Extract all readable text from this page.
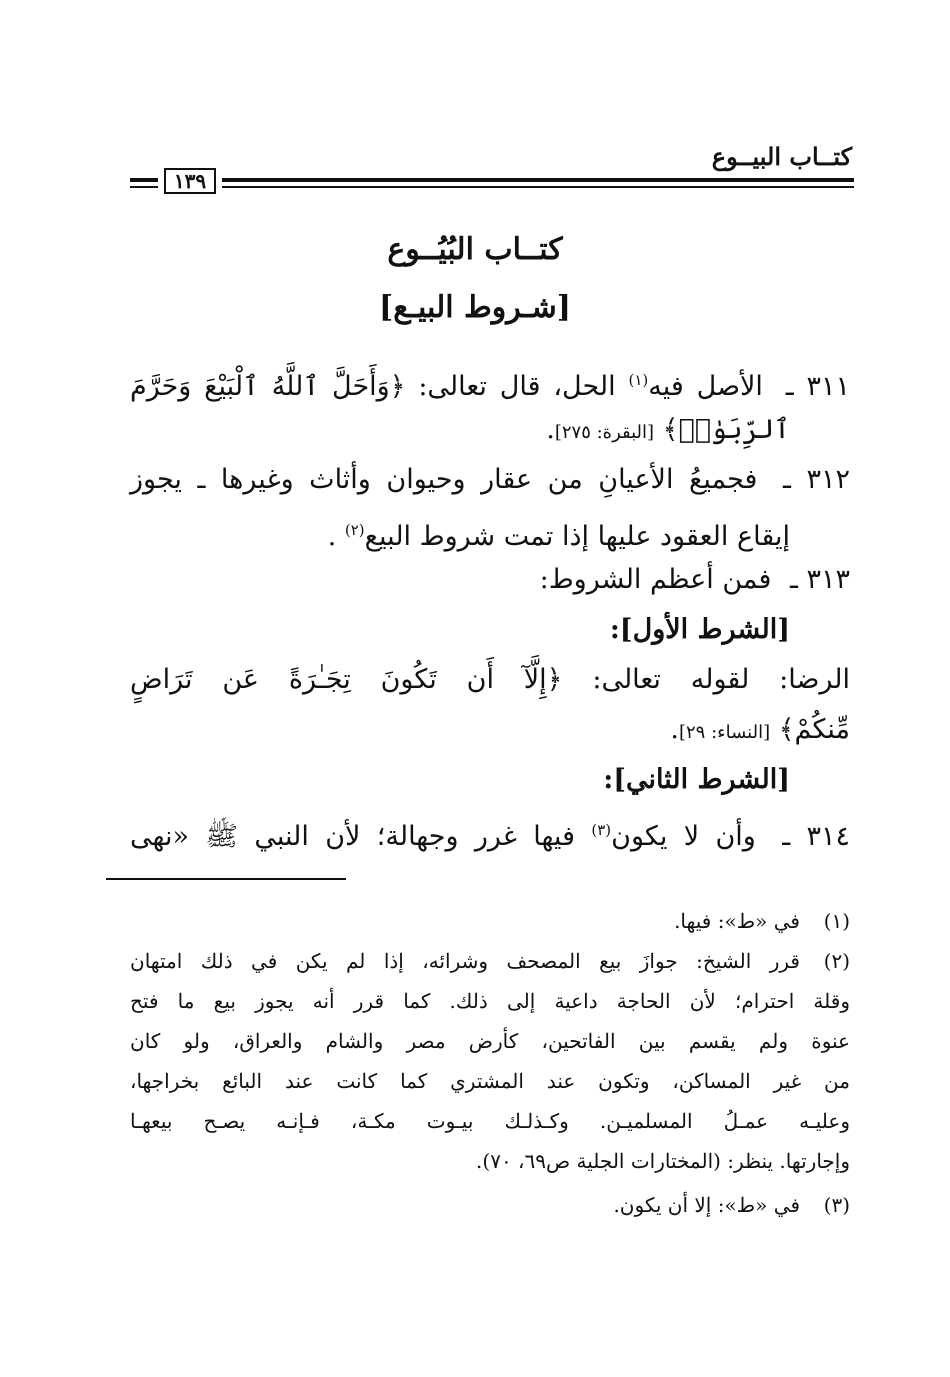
كتــاب البيــوع
١٣٩
كتــاب البُيُــوع
[شـروط البيـع]
٣١١ ـ الأصل فيه$^{(١)}$ الحل، قال تعالى: ﴿وَأَحَلَّ ٱللَّهُ ٱلْبَيْعَ وَحَرَّمَ
ٱلرِّبَوٰا۟﴾ [البقرة: ٢٧٥].
٣١٢ ـ فجميعُ الأعيانِ من عقار وحيوان وأثاث وغيرها ـ يجوز
إيقاع العقود عليها إذا تمت شروط البيع$^{(٢)}$ .
٣١٣ ـ فمن أعظم الشروط:
[الشرط الأول]:
الرضا: لقوله تعالى: ﴿إِلَّآ أَن تَكُونَ تِجَـٰرَةً عَن تَرَاضٍ
مِّنكُمْ﴾ [النساء: ٢٩].
[الشرط الثاني]:
٣١٤ ـ وأن لا يكون$^{(٣)}$ فيها غرر وجهالة؛ لأن النبي ﷺ «نهى
(١)
في «ط»: فيها.
(٢)
قرر الشيخ: جوازَ بيع المصحف وشرائه، إذا لم يكن في ذلك امتهان
وقلة احترام؛ لأن الحاجة داعية إلى ذلك. كما قرر أنه يجوز بيع ما فتح
عنوة ولم يقسم بين الفاتحين، كأرض مصر والشام والعراق، ولو كان
من غير المساكن، وتكون عند المشتري كما كانت عند البائع بخراجها،
وعليـه عمـلُ المسلميـن. وكـذلـك بيـوت مكـة، فـإنـه يصـح بيعهـا
وإجارتها. ينظر: (المختارات الجلية ص٦٩، ٧٠).
(٣)
في «ط»: إلا أن يكون.
